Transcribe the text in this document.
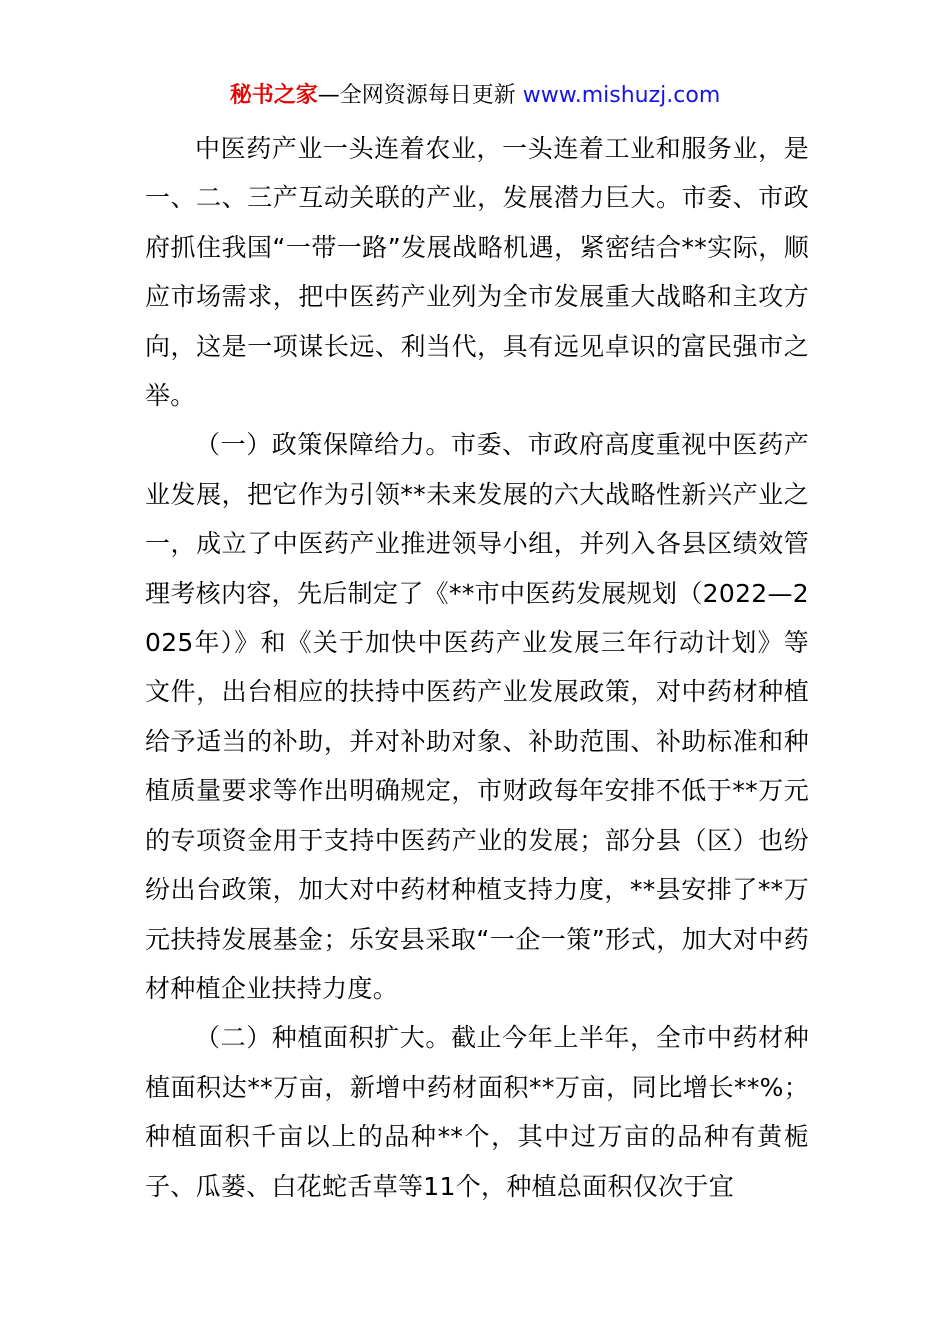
秘书之家—全网资源每日更新 www.mishuzj.com

中医药产业一头连着农业，一头连着工业和服务业，是一、二、三产互动关联的产业，发展潜力巨大。市委、市政府抓住我国“一带一路”发展战略机遇，紧密结合**实际，顺应市场需求，把中医药产业列为全市发展重大战略和主攻方向，这是一项谋长远、利当代，具有远见卓识的富民强市之举。

（一）政策保障给力。市委、市政府高度重视中医药产业发展，把它作为引领**未来发展的六大战略性新兴产业之一，成立了中医药产业推进领导小组，并列入各县区绩效管理考核内容，先后制定了《**市中医药发展规划（2022—2025年）》和《关于加快中医药产业发展三年行动计划》等文件，出台相应的扶持中医药产业发展政策，对中药材种植给予适当的补助，并对补助对象、补助范围、补助标准和种植质量要求等作出明确规定，市财政每年安排不低于**万元的专项资金用于支持中医药产业的发展；部分县（区）也纷纷出台政策，加大对中药材种植支持力度，**县安排了**万元扶持发展基金；乐安县采取“一企一策”形式，加大对中药材种植企业扶持力度。

（二）种植面积扩大。截止今年上半年，全市中药材种植面积达**万亩，新增中药材面积**万亩，同比增长**%；种植面积千亩以上的品种**个，其中过万亩的品种有黄栀子、瓜蒌、白花蛇舌草等11个，种植总面积仅次于宜
